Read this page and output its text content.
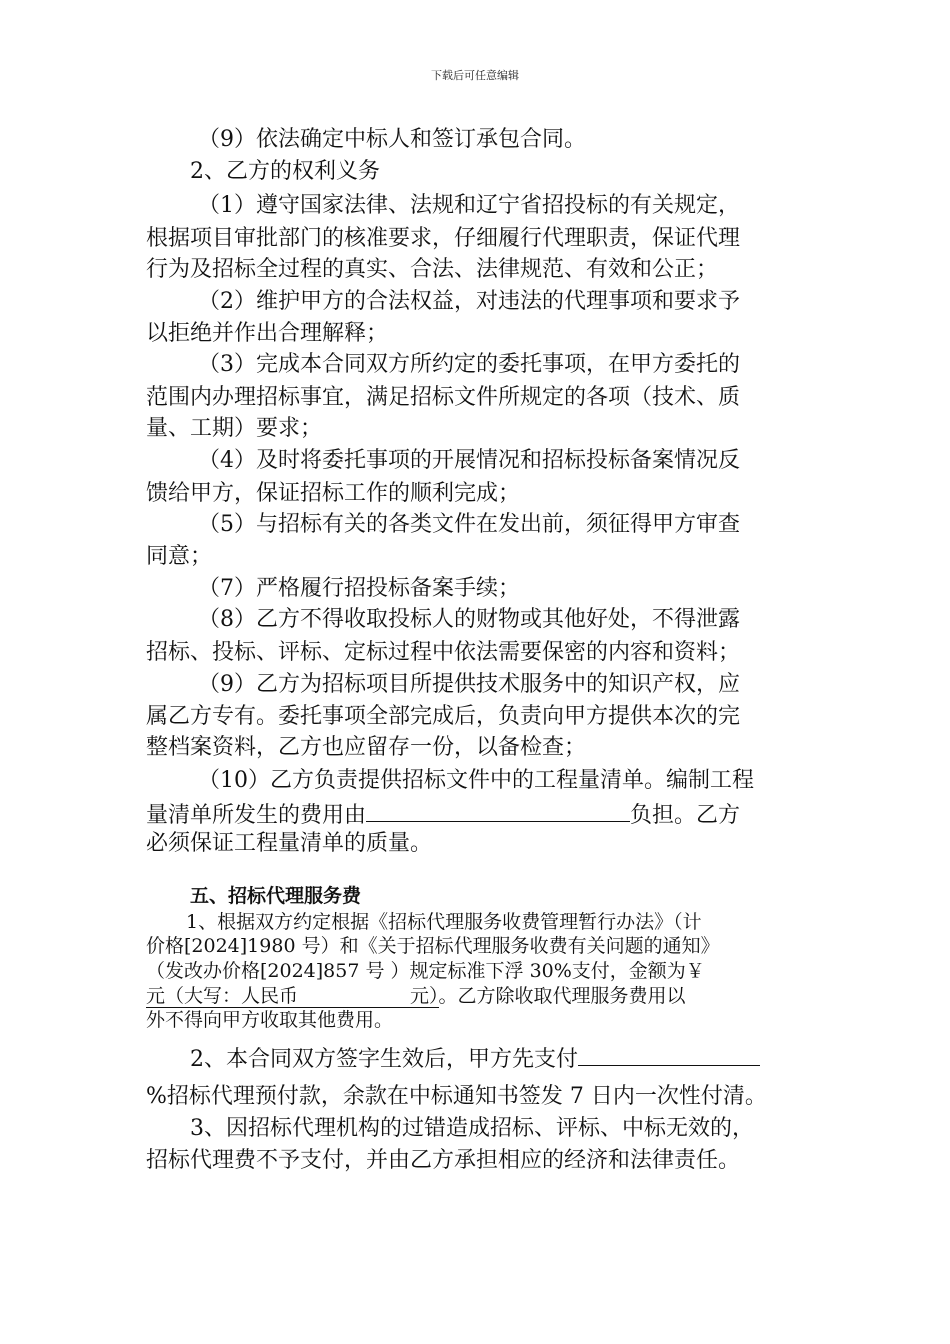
下载后可任意编辑
（9）依法确定中标人和签订承包合同。
2、乙方的权利义务
（1）遵守国家法律、法规和辽宁省招投标的有关规定，
根据项目审批部门的核准要求，仔细履行代理职责，保证代理
行为及招标全过程的真实、合法、法律规范、有效和公正；
（2）维护甲方的合法权益，对违法的代理事项和要求予
以拒绝并作出合理解释；
（3）完成本合同双方所约定的委托事项，在甲方委托的
范围内办理招标事宜，满足招标文件所规定的各项（技术、质
量、工期）要求；
（4）及时将委托事项的开展情况和招标投标备案情况反
馈给甲方，保证招标工作的顺利完成；
（5）与招标有关的各类文件在发出前，须征得甲方审查
同意；
（7）严格履行招投标备案手续；
（8）乙方不得收取投标人的财物或其他好处，不得泄露
招标、投标、评标、定标过程中依法需要保密的内容和资料；
（9）乙方为招标项目所提供技术服务中的知识产权，应
属乙方专有。委托事项全部完成后，负责向甲方提供本次的完
整档案资料，乙方也应留存一份，以备检查；
（10）乙方负责提供招标文件中的工程量清单。编制工程
量清单所发生的费用由	负担。乙方
必须保证工程量清单的质量。
五、招标代理服务费
1、根据双方约定根据《招标代理服务收费管理暂行办法》（计
价格[2024]1980 号）和《关于招标代理服务收费有关问题的通知》
（发改办价格[2024]857 号 ）规定标准下浮 30%支付，金额为￥
元（大写：人民币	元）。乙方除收取代理服务费用以
外不得向甲方收取其他费用。
2、本合同双方签字生效后，甲方先支付
%招标代理预付款，余款在中标通知书签发 7 日内一次性付清。
3、因招标代理机构的过错造成招标、评标、中标无效的，
招标代理费不予支付，并由乙方承担相应的经济和法律责任。
